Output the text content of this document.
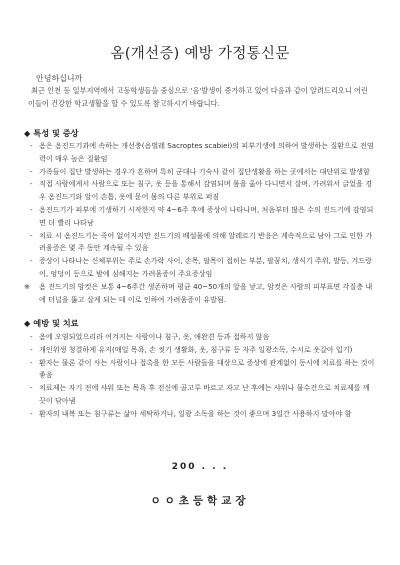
옴(개선증) 예방 가정통신문
안녕하십니까
최근 인천 등 일부지역에서 고등학생들을 중심으로 '옴'발생이 증가하고 있어 다음과 같이 알려드리오니 어린이들이 건강한 학교생활을 할 수 있도록 참고하시기 바랍니다.
◆ 특성 및 증상
- 옴은 옴진드기과에 속하는 개선충(옴벌레 Sacroptes scabiei)의 피부기생에 의하여 발생하는 질환으로 전염력이 매우 높은 질환임
- 가족들이 집단 발생하는 경우가 흔하며 특히 군대나 기숙사 같이 집단생활을 하는 곳에서는 대단위로 발생함
- 직접 사람에게서 사람으로 또는 침구, 옷 등을 통해서 감염되며 몸을 옮아 다니면서 살며, 가려워서 긁었을 경우 옴진드기와 알이 손톱, 옷에 묻어 몸의 다른 부위로 퍼짐
- 옴진드기가 피부에 기생하기 시작한지 약 4~6주 후에 증상이 나타나며, 처음부터 많은 수의 진드기에 감염되면 더 빨리 나타남
- 치료 시 옴진드기는 죽어 없어지지만 진드기의 배설물에 의해 알레르기 반응은 계속적으로 남아 그로 인한 가려움증은 몇 주 동안 계속될 수 있음
- 증상이 나타나는 신체부위는 주로 손가락 사이, 손목, 팔목이 접히는 부분, 팔꿈치, 생식기 주위, 발등, 겨드랑이, 엉덩이 등으로 밤에 심해지는 가려움증이 주요증상임
※ 옴 진드기의 암컷은 보통 4~6주간 생존하며 평균 40~50개의 알을 낳고, 암컷은 사람의 피부표면 각질층 내에 터널을 뚫고 살게 되는 데 이로 인하여 가려움증이 유발됨.
◆ 예방 및 치료
- 옴에 오염되었으리라 여겨지는 사람이나 침구, 옷, 애완견 등과 접하지 않음
- 개인위생 청결하게 유지(매일 목욕, 손 씻기 생활화, 옷, 침구류 등 자주 일광소독, 수시로 옷갈아 입기)
- 환자는 물론 같이 사는 사람이나 접촉을 한 모든 사람들을 대상으로 증상에 관계없이 동시에 치료를 하는 것이 좋음
- 치료제는 자기 전에 샤워 또는 목욕 후 전신에 골고루 바르고 자고 난 후에는 샤워나 물수건으로 치료제를 깨끗이 닦아냄
- 환자의 내복 또는 침구류는 삶아 세탁하거나, 일광 소독을 하는 것이 좋으며 3일간 사용하지 말아야 함
200 . . .
ㅇㅇ초등학교장
